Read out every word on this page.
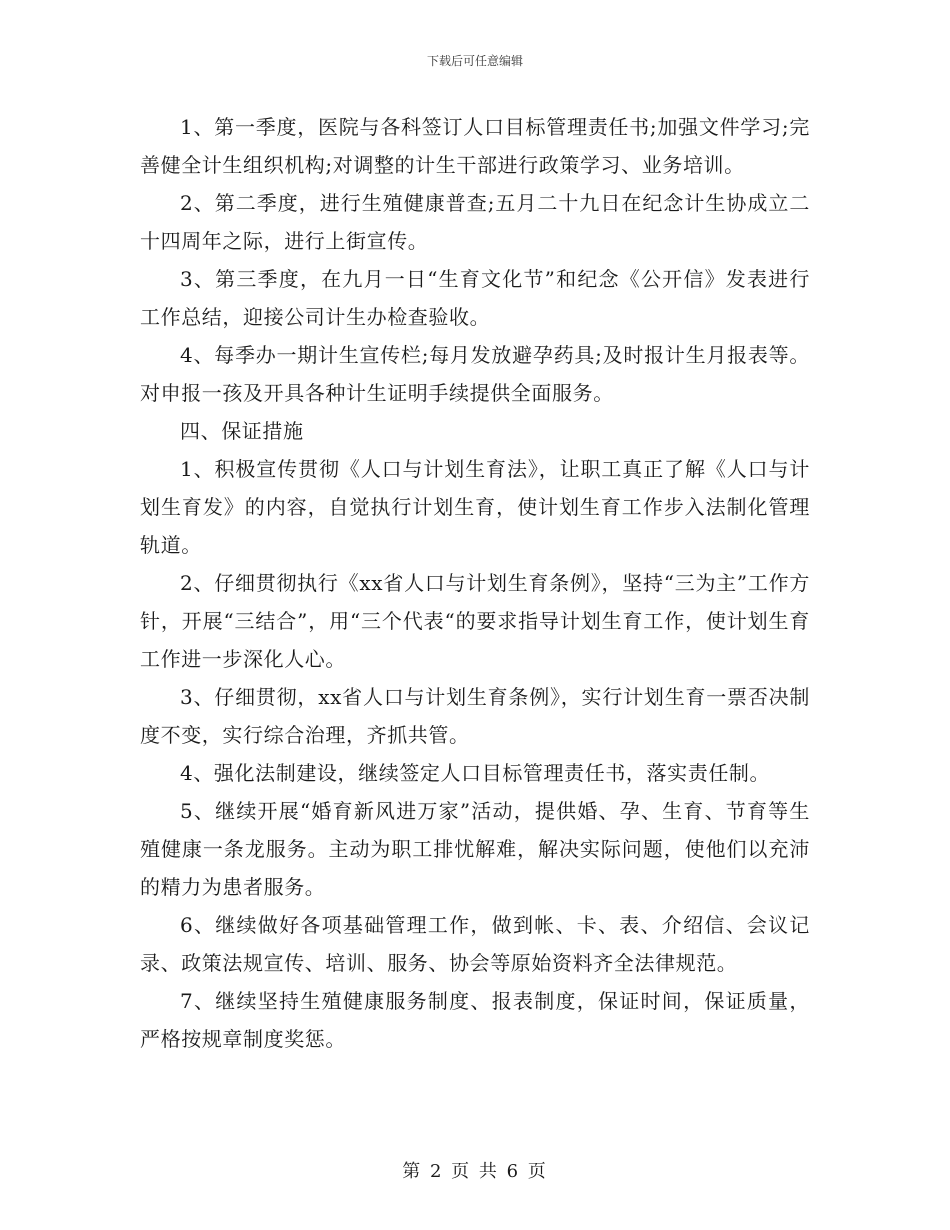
下载后可任意编辑

1、第一季度，医院与各科签订人口目标管理责任书;加强文件学习;完善健全计生组织机构;对调整的计生干部进行政策学习、业务培训。

2、第二季度，进行生殖健康普查;五月二十九日在纪念计生协成立二十四周年之际，进行上街宣传。

3、第三季度，在九月一日“生育文化节”和纪念《公开信》发表进行工作总结，迎接公司计生办检查验收。

4、每季办一期计生宣传栏;每月发放避孕药具;及时报计生月报表等。对申报一孩及开具各种计生证明手续提供全面服务。

四、保证措施

1、积极宣传贯彻《人口与计划生育法》，让职工真正了解《人口与计划生育发》的内容，自觉执行计划生育，使计划生育工作步入法制化管理轨道。

2、仔细贯彻执行《xx省人口与计划生育条例》，坚持“三为主”工作方针，开展“三结合”，用“三个代表“的要求指导计划生育工作，使计划生育工作进一步深化人心。

3、仔细贯彻，xx省人口与计划生育条例》，实行计划生育一票否决制度不变，实行综合治理，齐抓共管。

4、强化法制建设，继续签定人口目标管理责任书，落实责任制。

5、继续开展“婚育新风进万家”活动，提供婚、孕、生育、节育等生殖健康一条龙服务。主动为职工排忧解难，解决实际问题，使他们以充沛的精力为患者服务。

6、继续做好各项基础管理工作，做到帐、卡、表、介绍信、会议记录、政策法规宣传、培训、服务、协会等原始资料齐全法律规范。

7、继续坚持生殖健康服务制度、报表制度，保证时间，保证质量，严格按规章制度奖惩。

第 2 页 共 6 页
